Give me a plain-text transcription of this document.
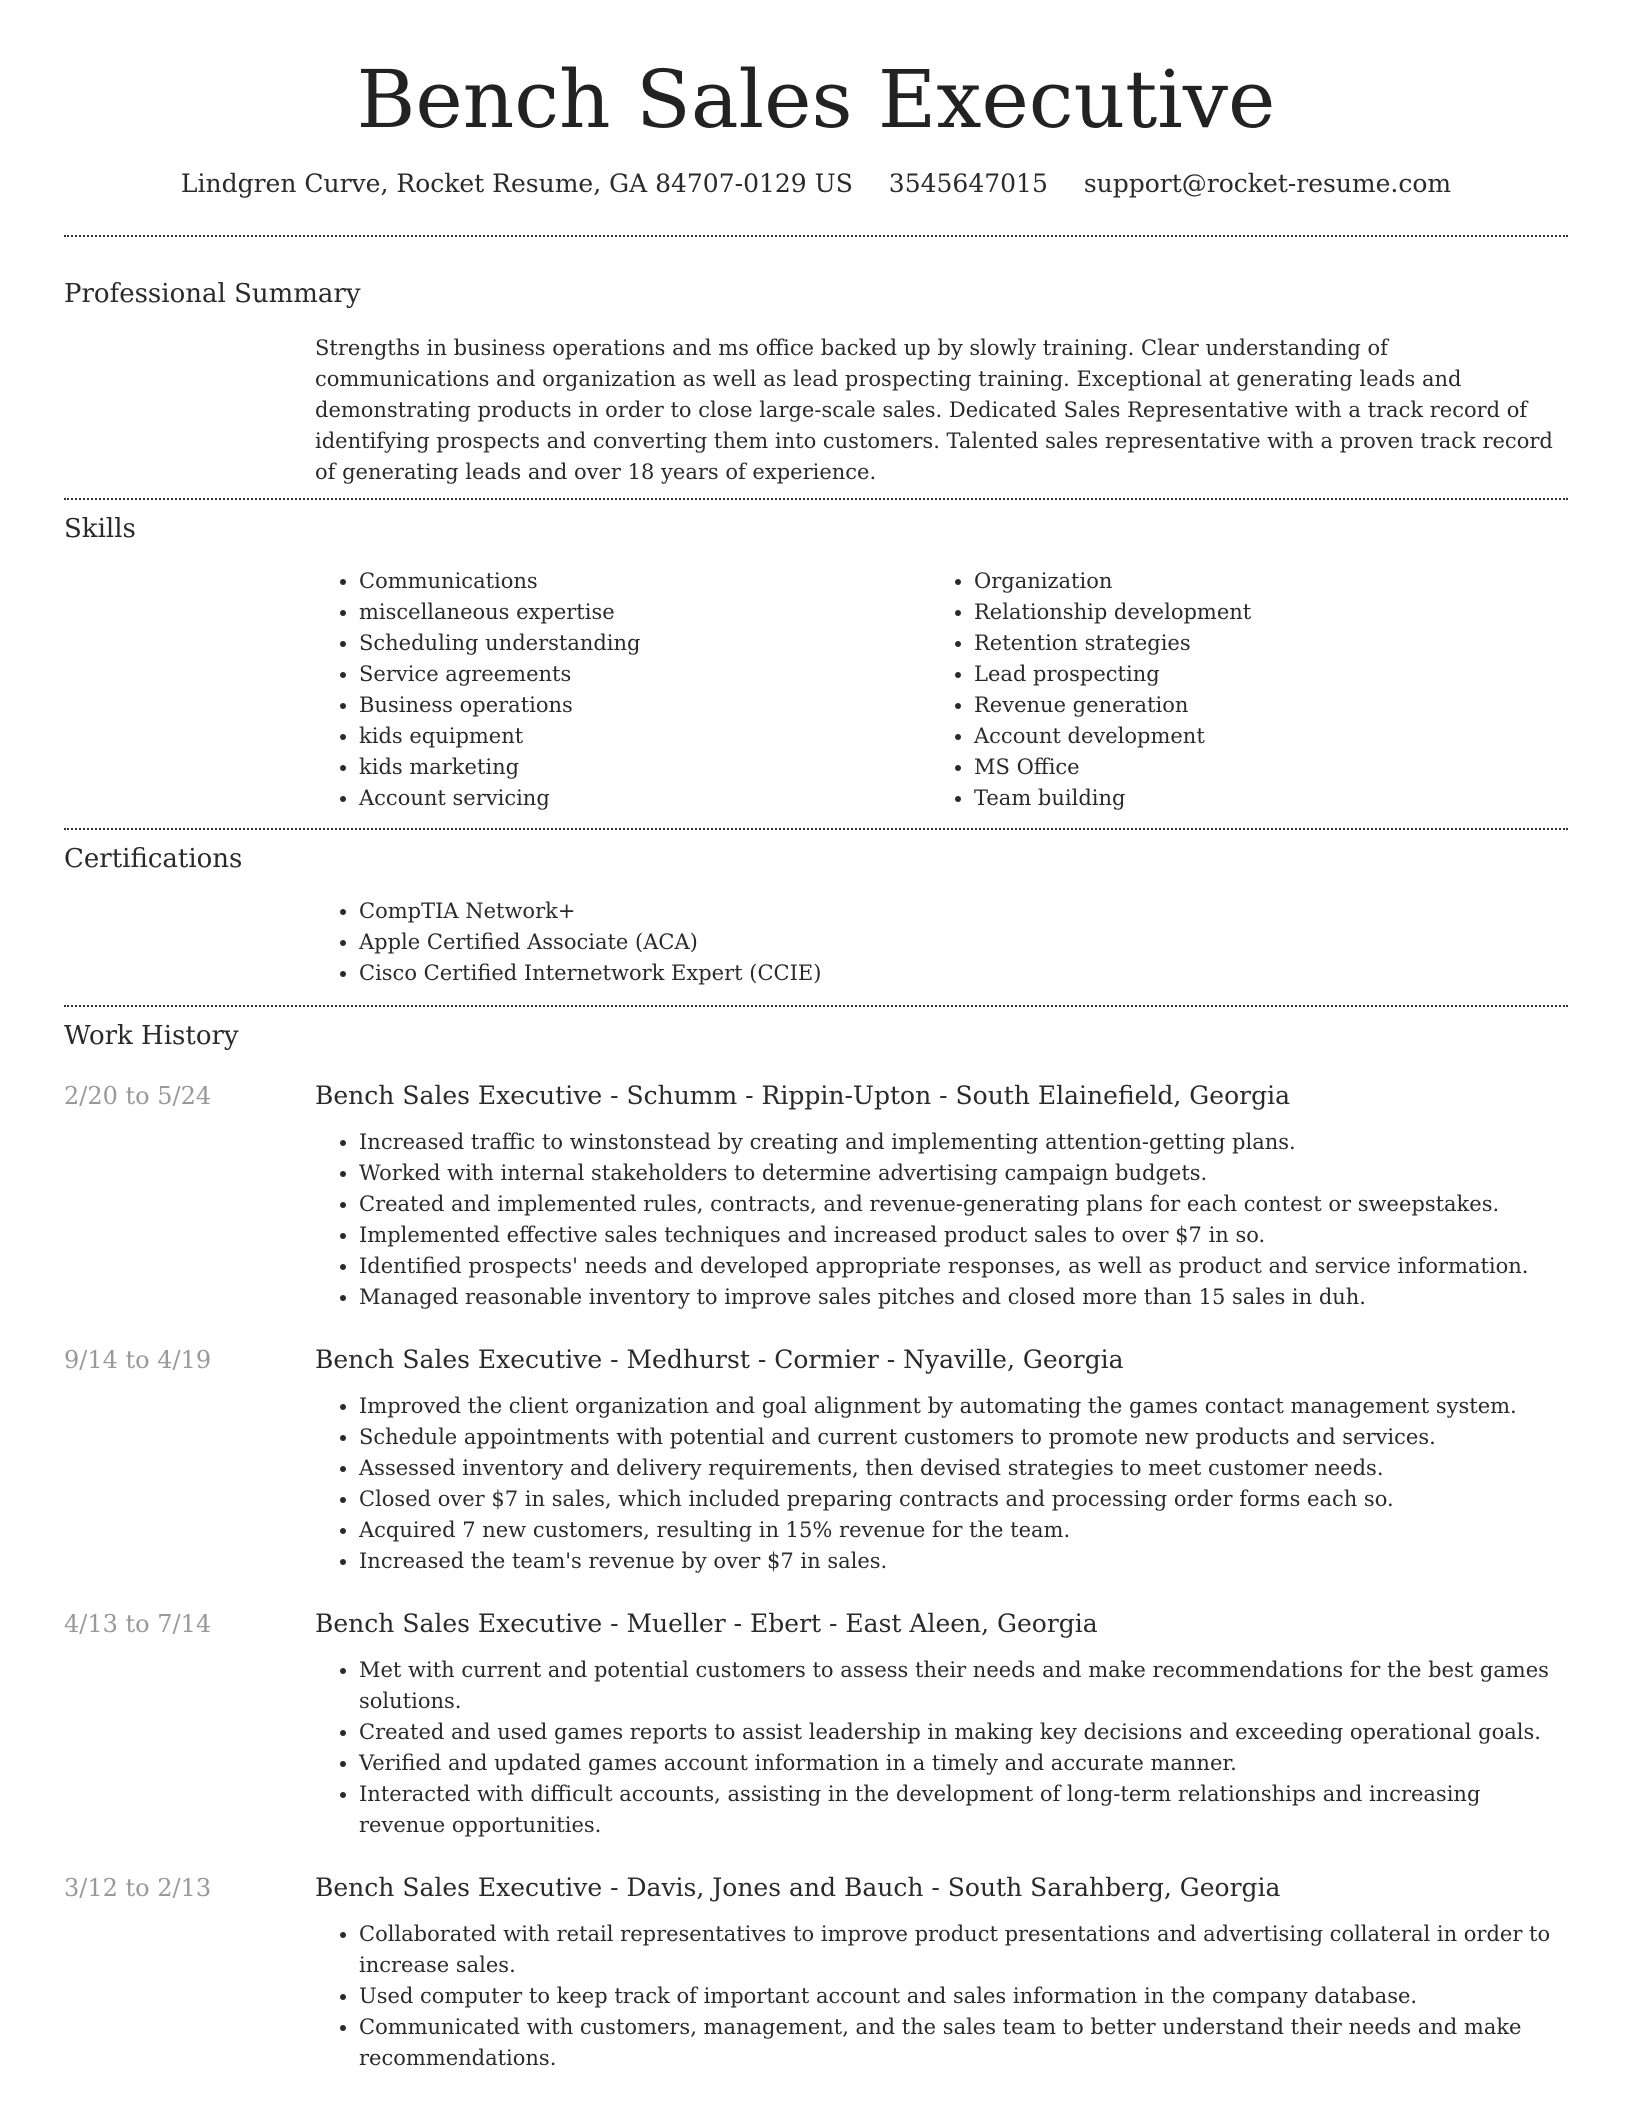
Bench Sales Executive
Lindgren Curve, Rocket Resume, GA 84707-0129 US 3545647015 support@rocket-resume.com
Professional Summary
Strengths in business operations and ms office backed up by slowly training. Clear understanding of communications and organization as well as lead prospecting training. Exceptional at generating leads and demonstrating products in order to close large-scale sales. Dedicated Sales Representative with a track record of identifying prospects and converting them into customers. Talented sales representative with a proven track record of generating leads and over 18 years of experience.
Skills
• Communications
• miscellaneous expertise
• Scheduling understanding
• Service agreements
• Business operations
• kids equipment
• kids marketing
• Account servicing
• Organization
• Relationship development
• Retention strategies
• Lead prospecting
• Revenue generation
• Account development
• MS Office
• Team building
Certifications
• CompTIA Network+
• Apple Certified Associate (ACA)
• Cisco Certified Internetwork Expert (CCIE)
Work History
2/20 to 5/24	Bench Sales Executive - Schumm - Rippin-Upton - South Elainefield, Georgia
• Increased traffic to winstonstead by creating and implementing attention-getting plans.
• Worked with internal stakeholders to determine advertising campaign budgets.
• Created and implemented rules, contracts, and revenue-generating plans for each contest or sweepstakes.
• Implemented effective sales techniques and increased product sales to over $7 in so.
• Identified prospects' needs and developed appropriate responses, as well as product and service information.
• Managed reasonable inventory to improve sales pitches and closed more than 15 sales in duh.
9/14 to 4/19	Bench Sales Executive - Medhurst - Cormier - Nyaville, Georgia
• Improved the client organization and goal alignment by automating the games contact management system.
• Schedule appointments with potential and current customers to promote new products and services.
• Assessed inventory and delivery requirements, then devised strategies to meet customer needs.
• Closed over $7 in sales, which included preparing contracts and processing order forms each so.
• Acquired 7 new customers, resulting in 15% revenue for the team.
• Increased the team's revenue by over $7 in sales.
4/13 to 7/14	Bench Sales Executive - Mueller - Ebert - East Aleen, Georgia
• Met with current and potential customers to assess their needs and make recommendations for the best games solutions.
• Created and used games reports to assist leadership in making key decisions and exceeding operational goals.
• Verified and updated games account information in a timely and accurate manner.
• Interacted with difficult accounts, assisting in the development of long-term relationships and increasing revenue opportunities.
3/12 to 2/13	Bench Sales Executive - Davis, Jones and Bauch - South Sarahberg, Georgia
• Collaborated with retail representatives to improve product presentations and advertising collateral in order to increase sales.
• Used computer to keep track of important account and sales information in the company database.
• Communicated with customers, management, and the sales team to better understand their needs and make recommendations.
